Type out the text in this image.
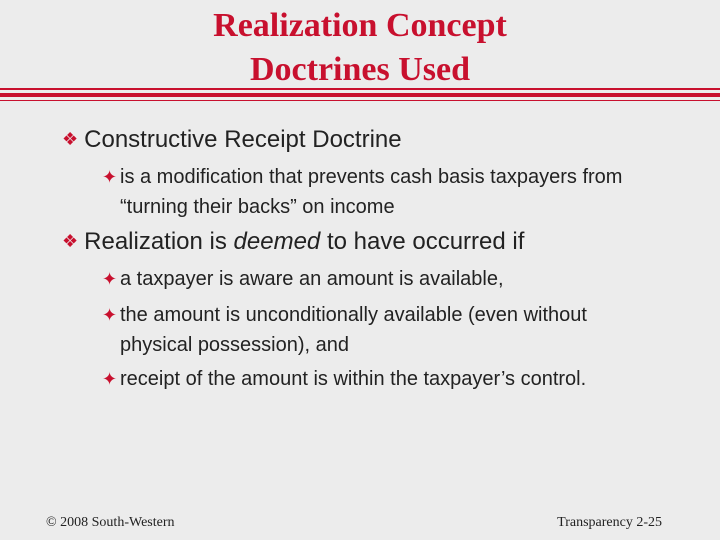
Realization Concept
Doctrines Used
❖ Constructive Receipt Doctrine
✦ is a modification that prevents cash basis taxpayers from “turning their backs” on income
❖ Realization is deemed to have occurred if
✦ a taxpayer is aware an amount is available,
✦ the amount is unconditionally available (even without physical possession), and
✦ receipt of the amount is within the taxpayer’s control.
© 2008 South-Western	Transparency 2-25
